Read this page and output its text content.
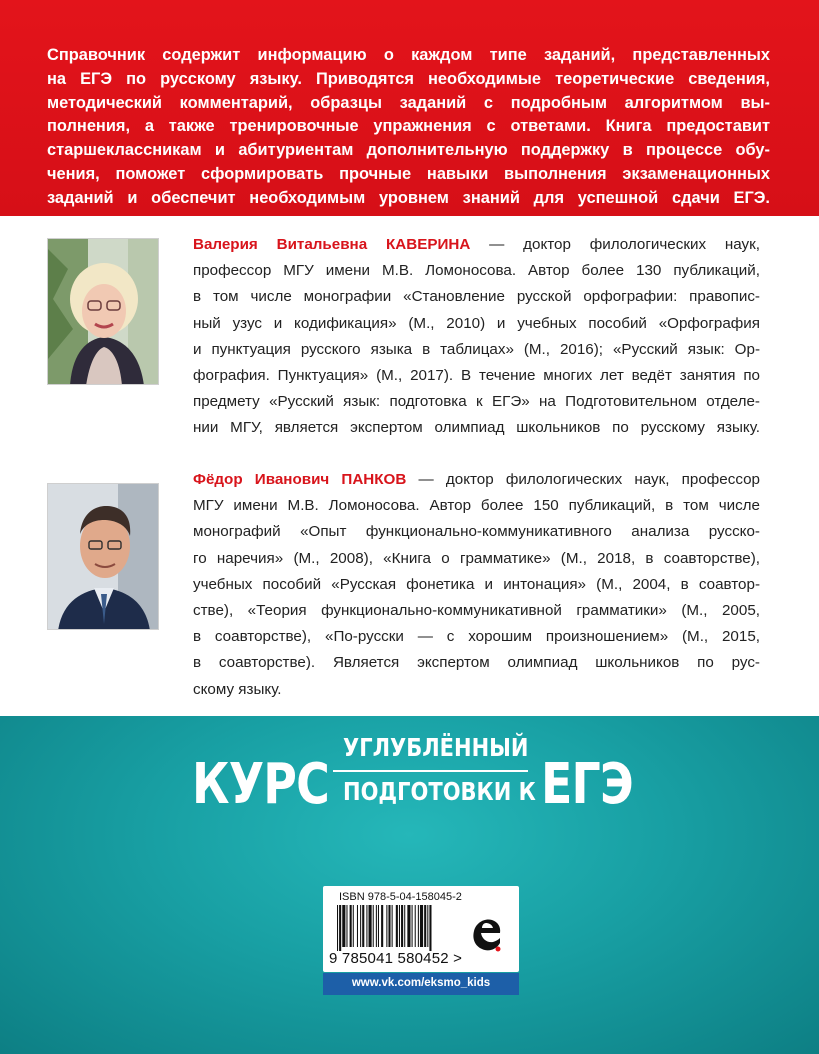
Справочник содержит информацию о каждом типе заданий, представленных
на ЕГЭ по русскому языку. Приводятся необходимые теоретические сведения,
методический комментарий, образцы заданий с подробным алгоритмом вы-
полнения, а также тренировочные упражнения с ответами. Книга предоставит
старшеклассникам и абитуриентам дополнительную поддержку в процессе обу-
чения, поможет сформировать прочные навыки выполнения экзаменационных
заданий и обеспечит необходимым уровнем знаний для успешной сдачи ЕГЭ.
Валерия Витальевна КАВЕРИНА — доктор филологических наук,
профессор МГУ имени М.В. Ломоносова. Автор более 130 публикаций,
в том числе монографии «Становление русской орфографии: правопис-
ный узус и кодификация» (М., 2010) и учебных пособий «Орфография
и пунктуация русского языка в таблицах» (М., 2016); «Русский язык: Ор-
фография. Пунктуация» (М., 2017). В течение многих лет ведёт занятия по
предмету «Русский язык: подготовка к ЕГЭ» на Подготовительном отделе-
нии МГУ, является экспертом олимпиад школьников по русскому языку.
Фёдор Иванович ПАНКОВ — доктор филологических наук, профессор
МГУ имени М.В. Ломоносова. Автор более 150 публикаций, в том числе
монографий «Опыт функционально-коммуникативного анализа русско-
го наречия» (М., 2008), «Книга о грамматике» (М., 2018, в соавторстве),
учебных пособий «Русская фонетика и интонация» (М., 2004, в соавтор-
стве), «Теория функционально-коммуникативной грамматики» (М., 2005,
в соавторстве), «По-русски — с хорошим произношением» (М., 2015,
в соавторстве). Является экспертом олимпиад школьников по рус-
скому языку.
КУРС
УГЛУБЛЁННЫЙ
ПОДГОТОВКИ К ЕГЭ
ISBN 978-5-04-158045-2
9 785041 580452 >
www.vk.com/eksmo_kids
